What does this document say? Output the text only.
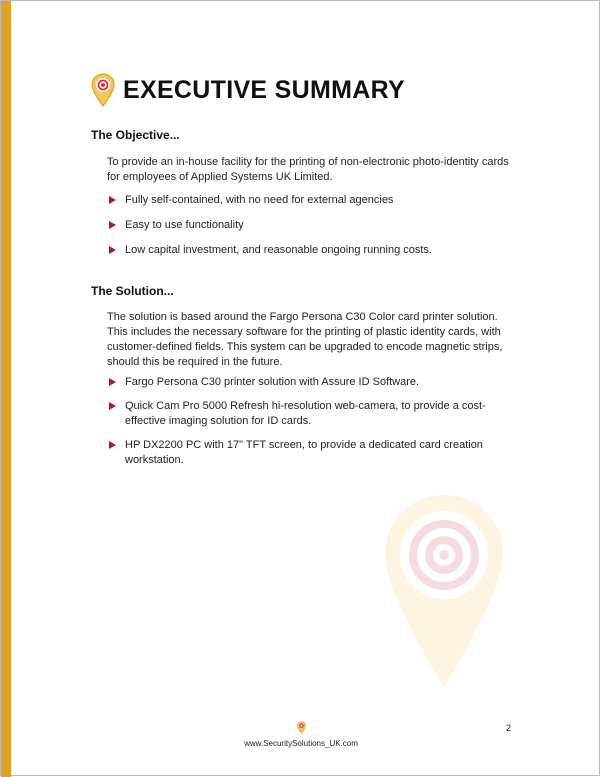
EXECUTIVE SUMMARY
The Objective...
To provide an in-house facility for the printing of non-electronic photo-identity cards for employees of Applied Systems UK Limited.
Fully self-contained, with no need for external agencies
Easy to use functionality
Low capital investment, and reasonable ongoing running costs.
The Solution...
The solution is based around the Fargo Persona C30 Color card printer solution. This includes the necessary software for the printing of plastic identity cards, with customer-defined fields. This system can be upgraded to encode magnetic strips, should this be required in the future.
Fargo Persona C30 printer solution with Assure ID Software.
Quick Cam Pro 5000 Refresh hi-resolution web-camera, to provide a cost-effective imaging solution for ID cards.
HP DX2200 PC with 17" TFT screen, to provide a dedicated card creation workstation.
www.SecuritySolutions_UK.com
2
